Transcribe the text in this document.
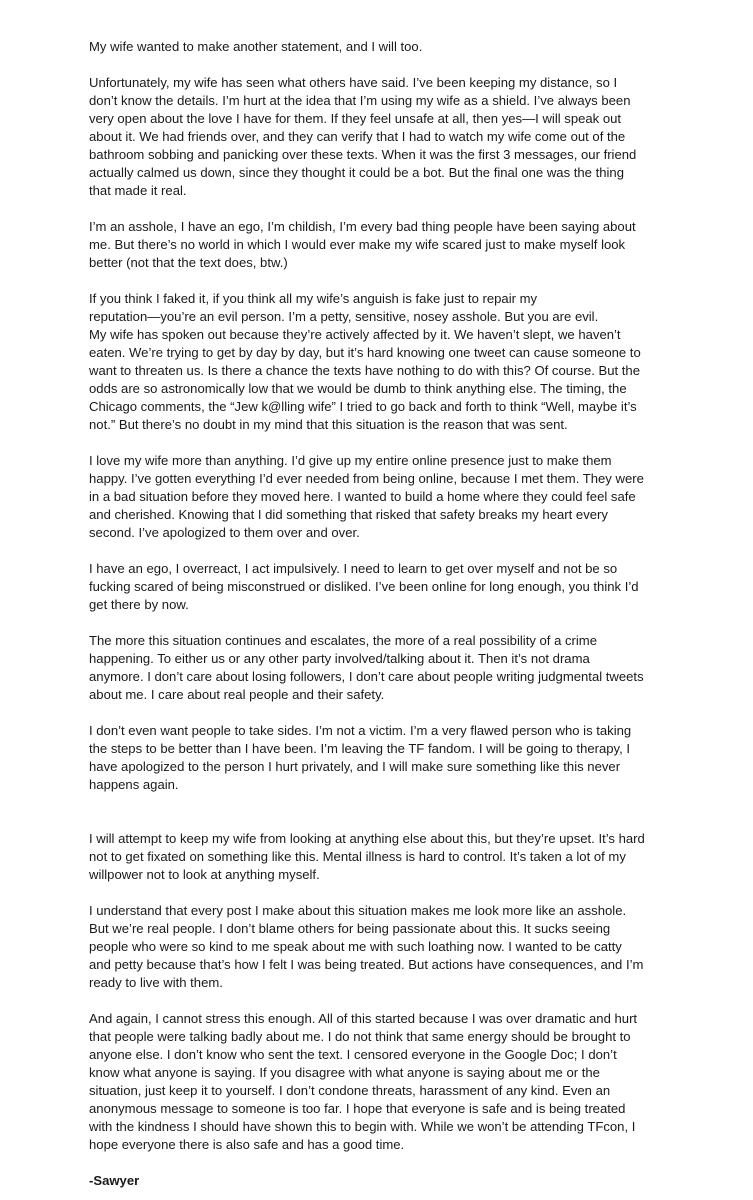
My wife wanted to make another statement, and I will too.

Unfortunately, my wife has seen what others have said. I’ve been keeping my distance, so I
don’t know the details. I’m hurt at the idea that I’m using my wife as a shield. I’ve always been
very open about the love I have for them. If they feel unsafe at all, then yes—I will speak out
about it. We had friends over, and they can verify that I had to watch my wife come out of the
bathroom sobbing and panicking over these texts. When it was the first 3 messages, our friend
actually calmed us down, since they thought it could be a bot. But the final one was the thing
that made it real.

I’m an asshole, I have an ego, I’m childish, I’m every bad thing people have been saying about
me. But there’s no world in which I would ever make my wife scared just to make myself look
better (not that the text does, btw.)

If you think I faked it, if you think all my wife’s anguish is fake just to repair my
reputation—you’re an evil person. I’m a petty, sensitive, nosey asshole. But you are evil.
My wife has spoken out because they’re actively affected by it. We haven’t slept, we haven’t
eaten. We’re trying to get by day by day, but it’s hard knowing one tweet can cause someone to
want to threaten us. Is there a chance the texts have nothing to do with this? Of course. But the
odds are so astronomically low that we would be dumb to think anything else. The timing, the
Chicago comments, the “Jew k@lling wife” I tried to go back and forth to think “Well, maybe it’s
not.” But there’s no doubt in my mind that this situation is the reason that was sent.

I love my wife more than anything. I’d give up my entire online presence just to make them
happy. I’ve gotten everything I’d ever needed from being online, because I met them. They were
in a bad situation before they moved here. I wanted to build a home where they could feel safe
and cherished. Knowing that I did something that risked that safety breaks my heart every
second. I’ve apologized to them over and over.

I have an ego, I overreact, I act impulsively. I need to learn to get over myself and not be so
fucking scared of being misconstrued or disliked. I’ve been online for long enough, you think I’d
get there by now.

The more this situation continues and escalates, the more of a real possibility of a crime
happening. To either us or any other party involved/talking about it. Then it’s not drama
anymore. I don’t care about losing followers, I don’t care about people writing judgmental tweets
about me. I care about real people and their safety.

I don’t even want people to take sides. I’m not a victim. I’m a very flawed person who is taking
the steps to be better than I have been. I’m leaving the TF fandom. I will be going to therapy, I
have apologized to the person I hurt privately, and I will make sure something like this never
happens again.

I will attempt to keep my wife from looking at anything else about this, but they’re upset. It’s hard
not to get fixated on something like this. Mental illness is hard to control. It’s taken a lot of my
willpower not to look at anything myself.

I understand that every post I make about this situation makes me look more like an asshole.
But we’re real people. I don’t blame others for being passionate about this. It sucks seeing
people who were so kind to me speak about me with such loathing now. I wanted to be catty
and petty because that’s how I felt I was being treated. But actions have consequences, and I’m
ready to live with them.

And again, I cannot stress this enough. All of this started because I was over dramatic and hurt
that people were talking badly about me. I do not think that same energy should be brought to
anyone else. I don’t know who sent the text. I censored everyone in the Google Doc; I don’t
know what anyone is saying. If you disagree with what anyone is saying about me or the
situation, just keep it to yourself. I don’t condone threats, harassment of any kind. Even an
anonymous message to someone is too far. I hope that everyone is safe and is being treated
with the kindness I should have shown this to begin with. While we won’t be attending TFcon, I
hope everyone there is also safe and has a good time.

-Sawyer
